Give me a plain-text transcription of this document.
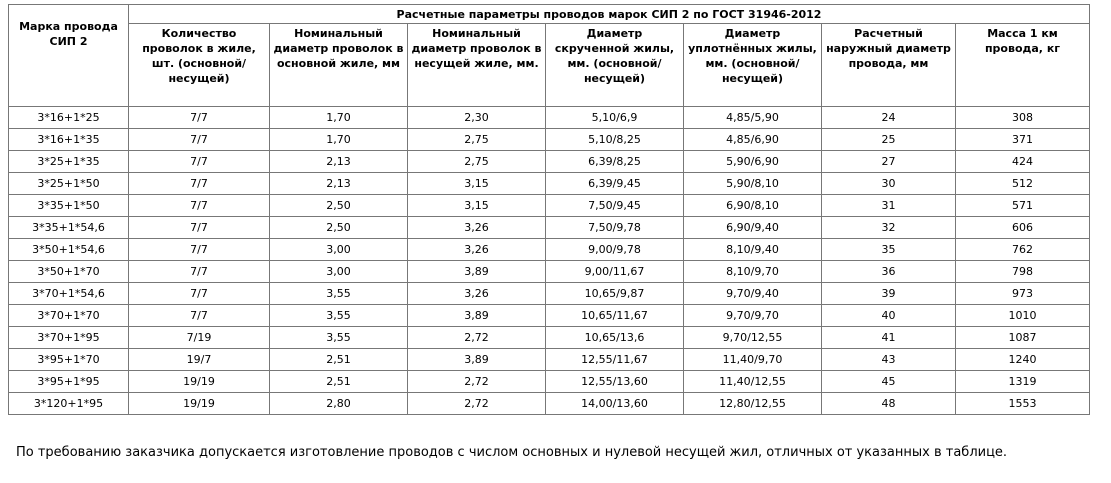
Марка провода СИП 2	Расчетные параметры проводов марок СИП 2 по ГОСТ 31946-2012						
	Количество проволок в жиле, шт. (основной/несущей)	Номинальный диаметр проволок в основной жиле, мм	Номинальный диаметр проволок в несущей жиле, мм.	Диаметр скрученной жилы, мм. (основной/несущей)	Диаметр уплотнённых жилы, мм. (основной/несущей)	Расчетный наружный диаметр провода, мм	Масса 1 км провода, кг
3*16+1*25	7/7	1,70	2,30	5,10/6,9	4,85/5,90	24	308
3*16+1*35	7/7	1,70	2,75	5,10/8,25	4,85/6,90	25	371
3*25+1*35	7/7	2,13	2,75	6,39/8,25	5,90/6,90	27	424
3*25+1*50	7/7	2,13	3,15	6,39/9,45	5,90/8,10	30	512
3*35+1*50	7/7	2,50	3,15	7,50/9,45	6,90/8,10	31	571
3*35+1*54,6	7/7	2,50	3,26	7,50/9,78	6,90/9,40	32	606
3*50+1*54,6	7/7	3,00	3,26	9,00/9,78	8,10/9,40	35	762
3*50+1*70	7/7	3,00	3,89	9,00/11,67	8,10/9,70	36	798
3*70+1*54,6	7/7	3,55	3,26	10,65/9,87	9,70/9,40	39	973
3*70+1*70	7/7	3,55	3,89	10,65/11,67	9,70/9,70	40	1010
3*70+1*95	7/19	3,55	2,72	10,65/13,6	9,70/12,55	41	1087
3*95+1*70	19/7	2,51	3,89	12,55/11,67	11,40/9,70	43	1240
3*95+1*95	19/19	2,51	2,72	12,55/13,60	11,40/12,55	45	1319
3*120+1*95	19/19	2,80	2,72	14,00/13,60	12,80/12,55	48	1553
По требованию заказчика допускается изготовление проводов с числом основных и нулевой несущей жил, отличных от указанных в таблице.
